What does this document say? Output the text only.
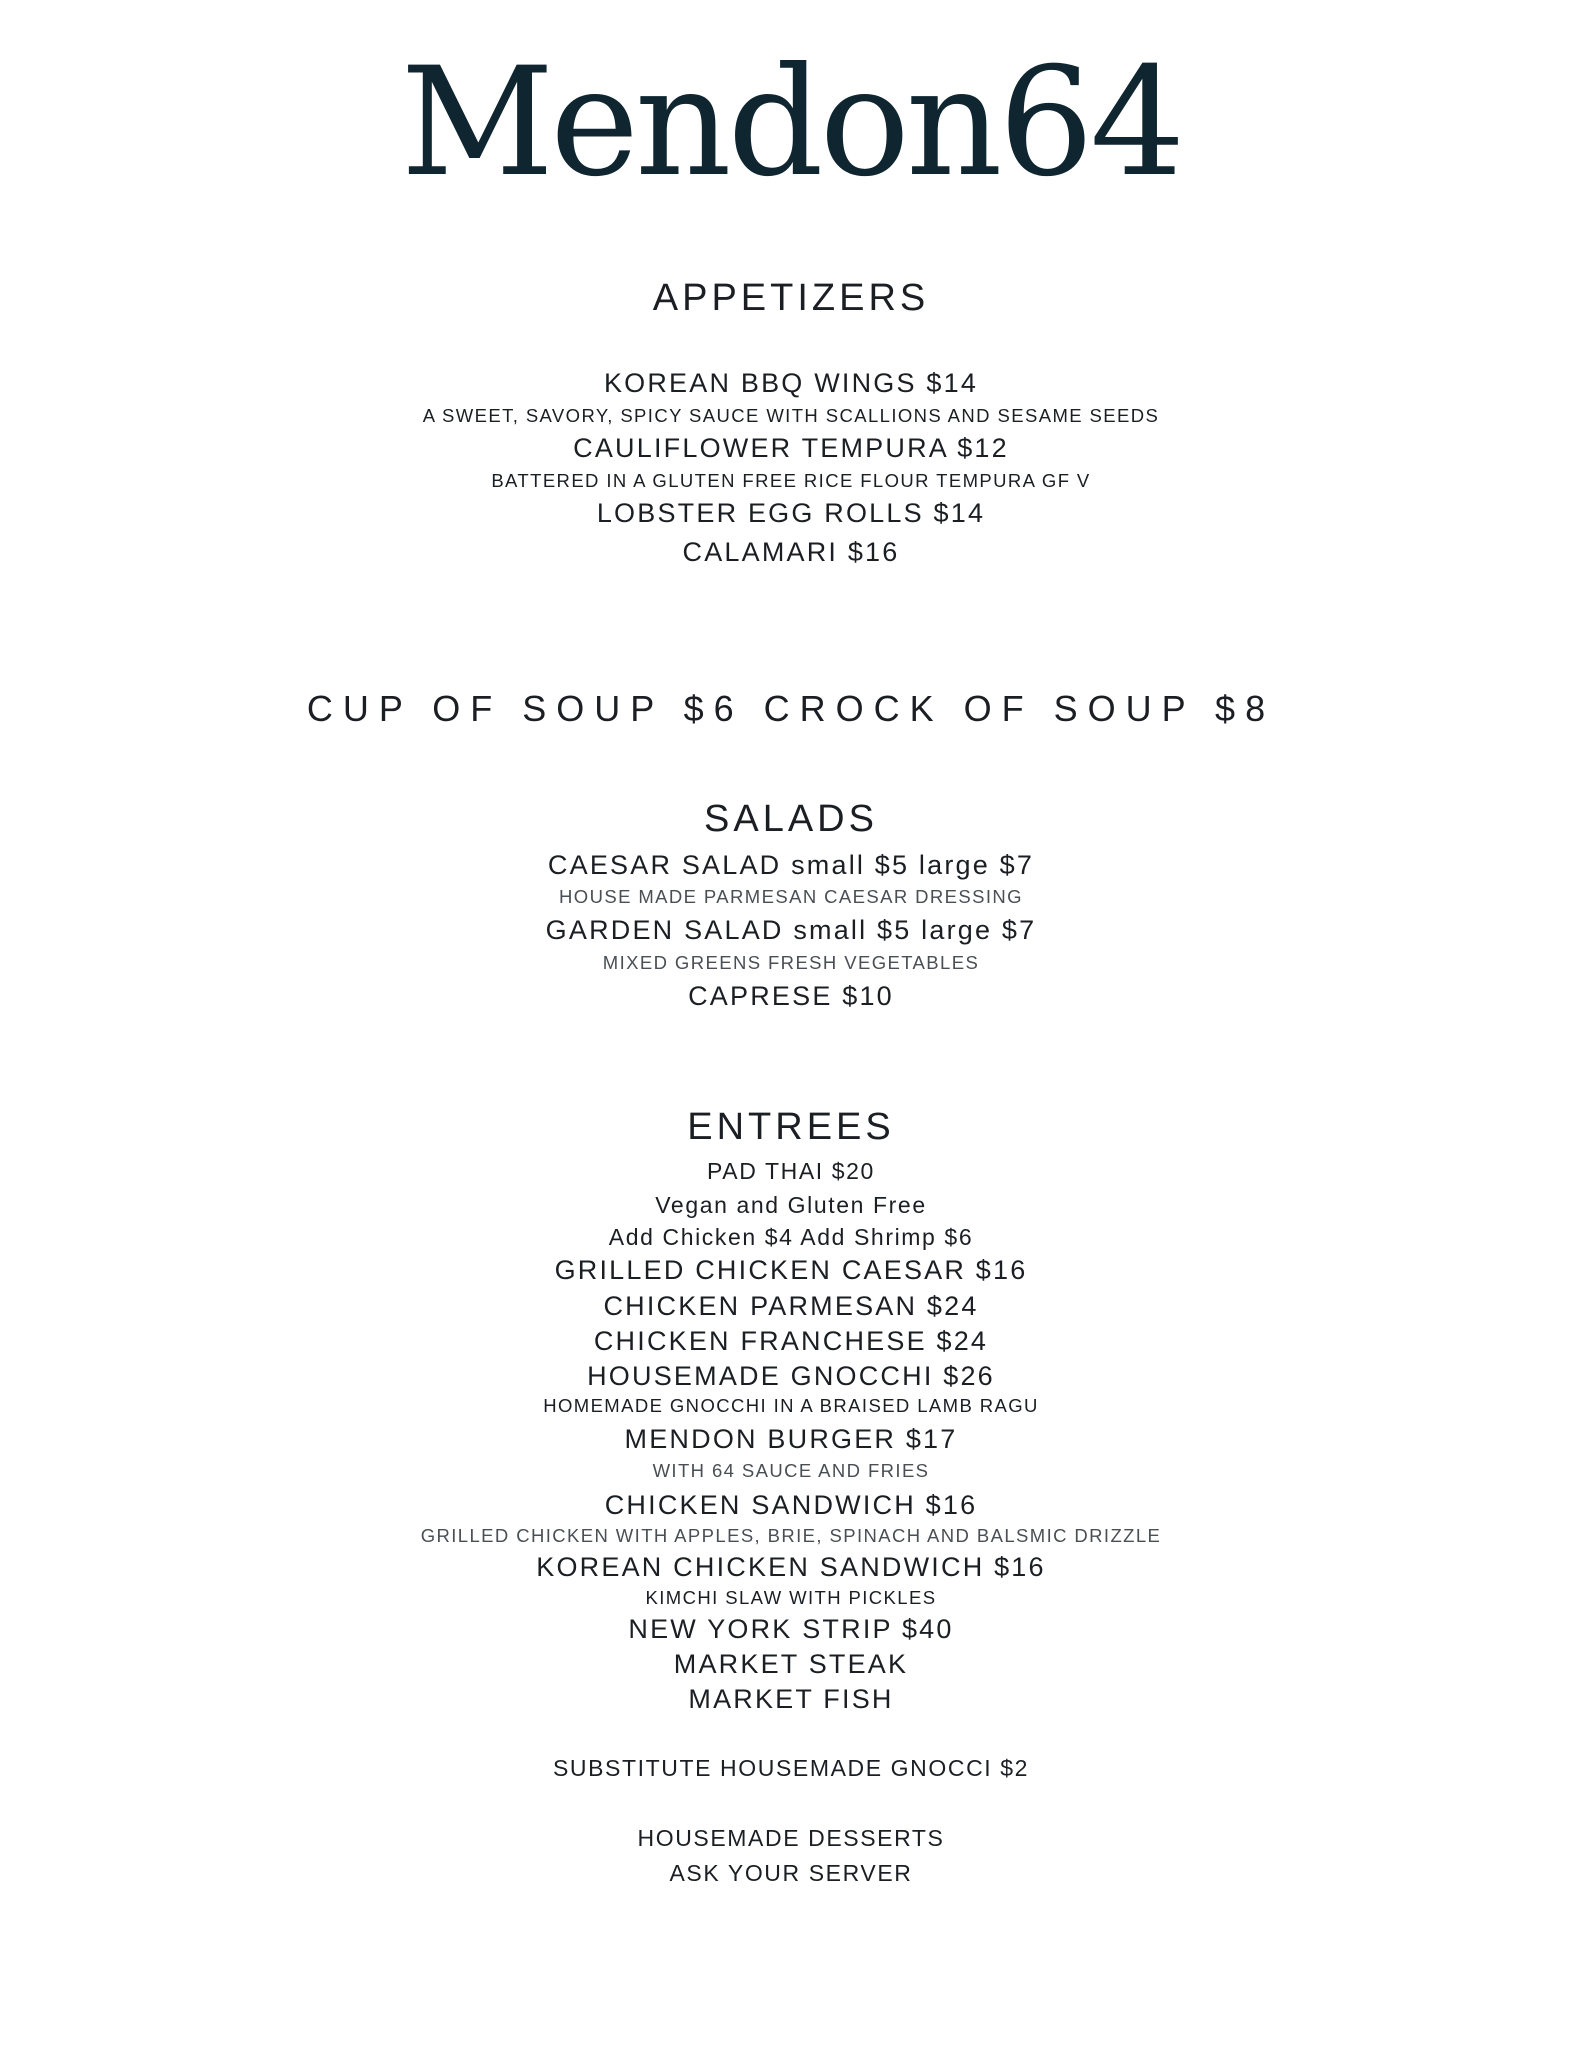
Mendon64
APPETIZERS
KOREAN BBQ WINGS $14
A SWEET, SAVORY, SPICY SAUCE WITH SCALLIONS AND SESAME SEEDS
CAULIFLOWER TEMPURA $12
BATTERED IN A GLUTEN FREE RICE FLOUR TEMPURA GF V
LOBSTER EGG ROLLS $14
CALAMARI $16
CUP OF SOUP $6 CROCK OF SOUP $8
SALADS
CAESAR SALAD small $5 large $7
HOUSE MADE PARMESAN CAESAR DRESSING
GARDEN SALAD small $5 large $7
MIXED GREENS FRESH VEGETABLES
CAPRESE $10
ENTREES
PAD THAI $20
Vegan and Gluten Free
Add Chicken $4 Add Shrimp $6
GRILLED CHICKEN CAESAR $16
CHICKEN PARMESAN $24
CHICKEN FRANCHESE $24
HOUSEMADE GNOCCHI $26
HOMEMADE GNOCCHI IN A BRAISED LAMB RAGU
MENDON BURGER $17
WITH 64 SAUCE AND FRIES
CHICKEN SANDWICH $16
GRILLED CHICKEN WITH APPLES, BRIE, SPINACH AND BALSMIC DRIZZLE
KOREAN CHICKEN SANDWICH $16
KIMCHI SLAW WITH PICKLES
NEW YORK STRIP $40
MARKET STEAK
MARKET FISH
SUBSTITUTE HOUSEMADE GNOCCI $2
HOUSEMADE DESSERTS
ASK YOUR SERVER
